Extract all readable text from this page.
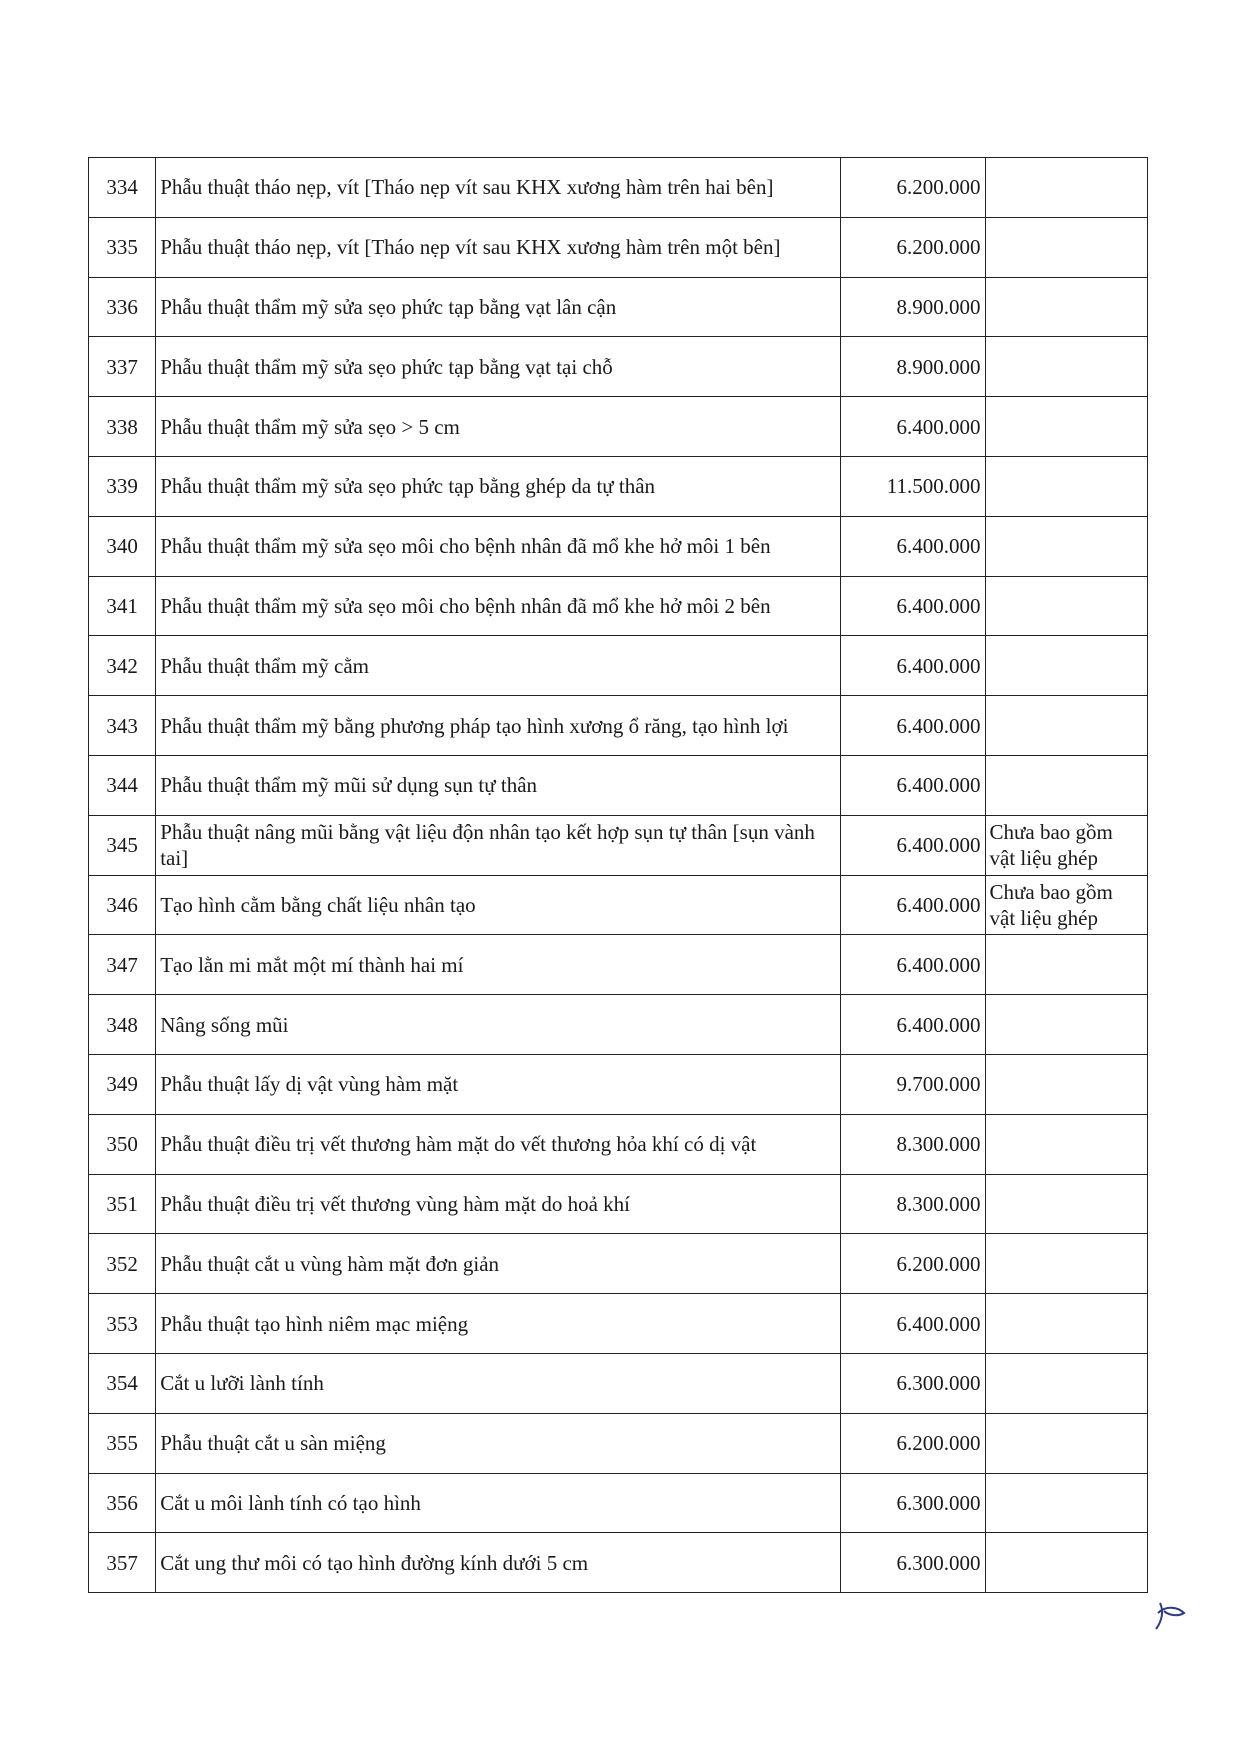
334	Phẫu thuật tháo nẹp, vít [Tháo nẹp vít sau KHX xương hàm trên hai bên]	6.200.000	
335	Phẫu thuật tháo nẹp, vít [Tháo nẹp vít sau KHX xương hàm trên một bên]	6.200.000	
336	Phẫu thuật thẩm mỹ sửa sẹo phức tạp bằng vạt lân cận	8.900.000	
337	Phẫu thuật thẩm mỹ sửa sẹo phức tạp bằng vạt tại chỗ	8.900.000	
338	Phẫu thuật thẩm mỹ sửa sẹo > 5 cm	6.400.000	
339	Phẫu thuật thẩm mỹ sửa sẹo phức tạp bằng ghép da tự thân	11.500.000	
340	Phẫu thuật thẩm mỹ sửa sẹo môi cho bệnh nhân đã mổ khe hở môi 1 bên	6.400.000	
341	Phẫu thuật thẩm mỹ sửa sẹo môi cho bệnh nhân đã mổ khe hở môi 2 bên	6.400.000	
342	Phẫu thuật thẩm mỹ cằm	6.400.000	
343	Phẫu thuật thẩm mỹ bằng phương pháp tạo hình xương ổ răng, tạo hình lợi	6.400.000	
344	Phẫu thuật thẩm mỹ mũi sử dụng sụn tự thân	6.400.000	
345	Phẫu thuật nâng mũi bằng vật liệu độn nhân tạo kết hợp sụn tự thân [sụn vành tai]	6.400.000	Chưa bao gồm vật liệu ghép
346	Tạo hình cằm bằng chất liệu nhân tạo	6.400.000	Chưa bao gồm vật liệu ghép
347	Tạo lằn mi mắt một mí thành hai mí	6.400.000	
348	Nâng sống mũi	6.400.000	
349	Phẫu thuật lấy dị vật vùng hàm mặt	9.700.000	
350	Phẫu thuật điều trị vết thương hàm mặt do vết thương hỏa khí có dị vật	8.300.000	
351	Phẫu thuật điều trị vết thương vùng hàm mặt do hoả khí	8.300.000	
352	Phẫu thuật cắt u vùng hàm mặt đơn giản	6.200.000	
353	Phẫu thuật tạo hình niêm mạc miệng	6.400.000	
354	Cắt u lưỡi lành tính	6.300.000	
355	Phẫu thuật cắt u sàn miệng	6.200.000	
356	Cắt u môi lành tính có tạo hình	6.300.000	
357	Cắt ung thư môi có tạo hình đường kính dưới 5 cm	6.300.000	
